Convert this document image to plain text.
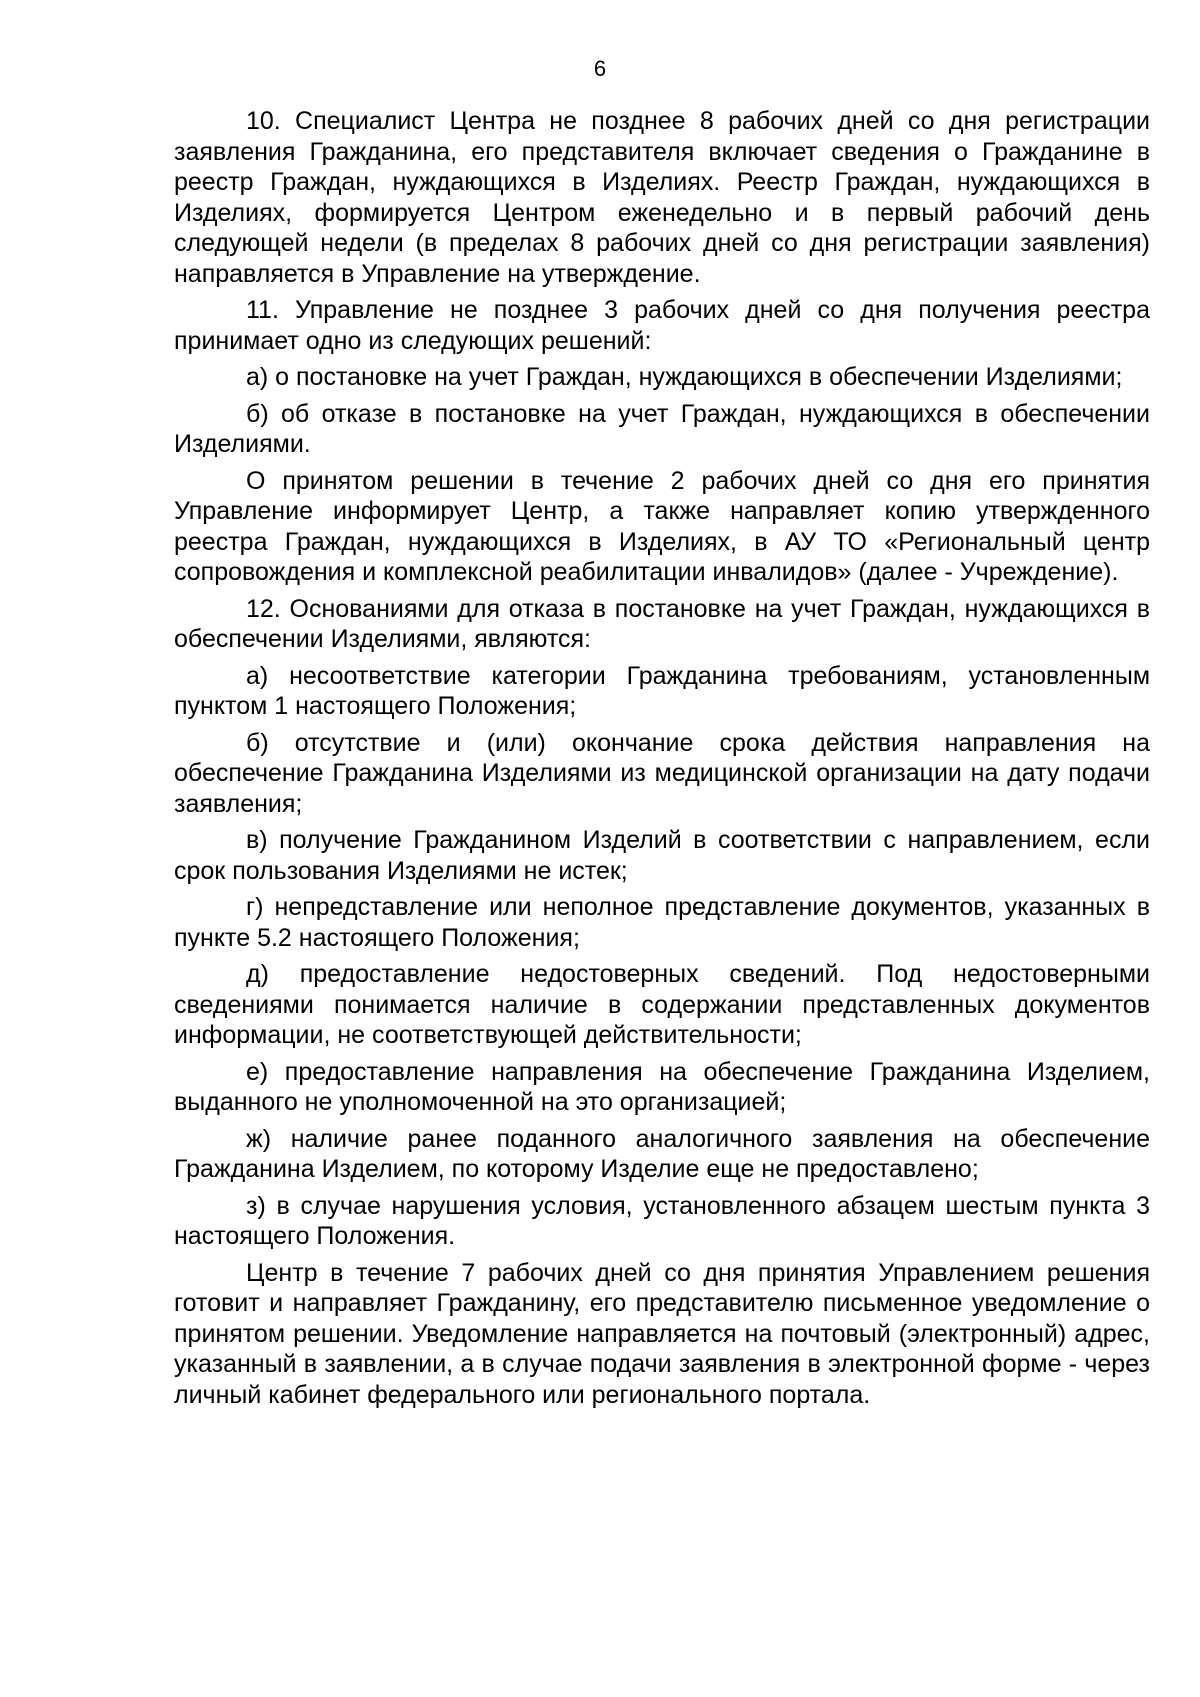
6

10. Специалист Центра не позднее 8 рабочих дней со дня регистрации заявления Гражданина, его представителя включает сведения о Гражданине в реестр Граждан, нуждающихся в Изделиях. Реестр Граждан, нуждающихся в Изделиях, формируется Центром еженедельно и в первый рабочий день следующей недели (в пределах 8 рабочих дней со дня регистрации заявления) направляется в Управление на утверждение.

11. Управление не позднее 3 рабочих дней со дня получения реестра принимает одно из следующих решений:

а) о постановке на учет Граждан, нуждающихся в обеспечении Изделиями;

б) об отказе в постановке на учет Граждан, нуждающихся в обеспечении Изделиями.

О принятом решении в течение 2 рабочих дней со дня его принятия Управление информирует Центр, а также направляет копию утвержденного реестра Граждан, нуждающихся в Изделиях, в АУ ТО «Региональный центр сопровождения и комплексной реабилитации инвалидов» (далее - Учреждение).

12. Основаниями для отказа в постановке на учет Граждан, нуждающихся в обеспечении Изделиями, являются:

а) несоответствие категории Гражданина требованиям, установленным пунктом 1 настоящего Положения;

б) отсутствие и (или) окончание срока действия направления на обеспечение Гражданина Изделиями из медицинской организации на дату подачи заявления;

в) получение Гражданином Изделий в соответствии с направлением, если срок пользования Изделиями не истек;

г) непредставление или неполное представление документов, указанных в пункте 5.2 настоящего Положения;

д) предоставление недостоверных сведений. Под недостоверными сведениями понимается наличие в содержании представленных документов информации, не соответствующей действительности;

е) предоставление направления на обеспечение Гражданина Изделием, выданного не уполномоченной на это организацией;

ж) наличие ранее поданного аналогичного заявления на обеспечение Гражданина Изделием, по которому Изделие еще не предоставлено;

з) в случае нарушения условия, установленного абзацем шестым пункта 3 настоящего Положения.

Центр в течение 7 рабочих дней со дня принятия Управлением решения готовит и направляет Гражданину, его представителю письменное уведомление о принятом решении. Уведомление направляется на почтовый (электронный) адрес, указанный в заявлении, а в случае подачи заявления в электронной форме - через личный кабинет федерального или регионального портала.
